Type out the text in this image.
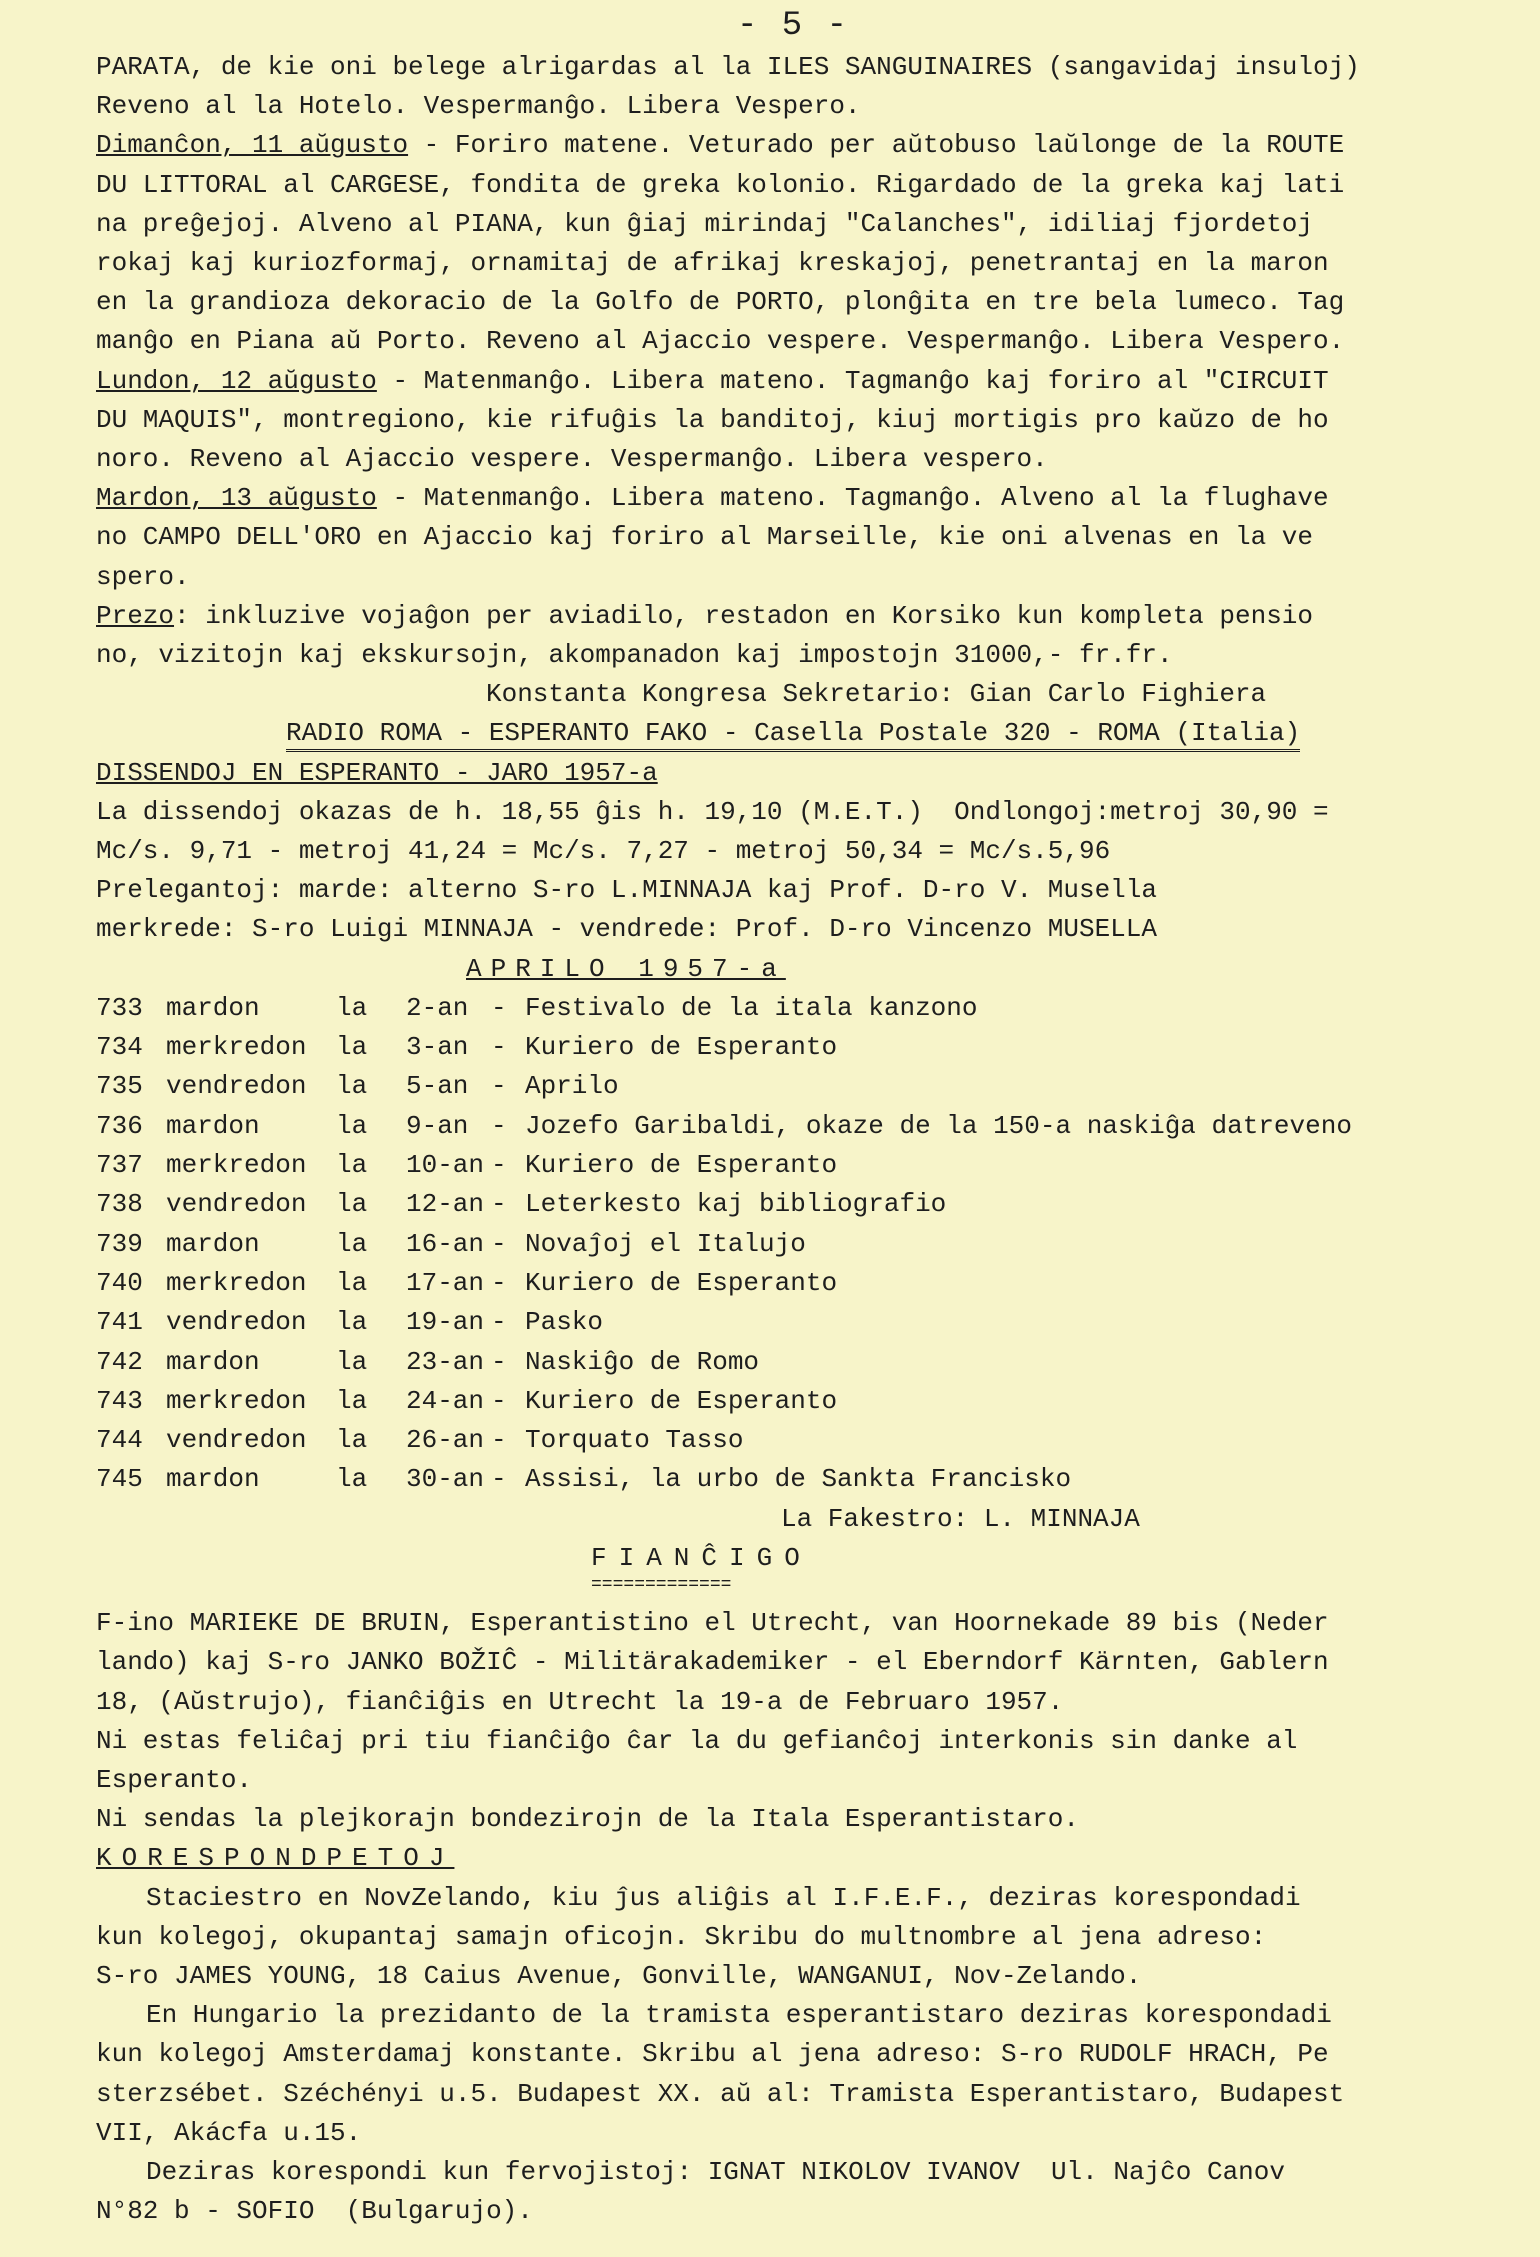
- 5 -

PARATA, de kie oni belege alrigardas al la ILES SANGUINAIRES (sangavidaj insuloj)

Reveno al la Hotelo. Vespermanĝo. Libera Vespero.

Dimanĉon, 11 aŭgusto - Foriro matene. Veturado per aŭtobuso laŭlonge de la ROUTE

DU LITTORAL al CARGESE, fondita de greka kolonio. Rigardado de la greka kaj lati

na preĝejoj. Alveno al PIANA, kun ĝiaj mirindaj "Calanches", idiliaj fjordetoj

rokaj kaj kuriozformaj, ornamitaj de afrikaj kreskajoj, penetrantaj en la maron

en la grandioza dekoracio de la Golfo de PORTO, plonĝita en tre bela lumeco. Tag

manĝo en Piana aŭ Porto. Reveno al Ajaccio vespere. Vespermanĝo. Libera Vespero.

Lundon, 12 aŭgusto - Matenmanĝo. Libera mateno. Tagmanĝo kaj foriro al "CIRCUIT

DU MAQUIS", montregiono, kie rifuĝis la banditoj, kiuj mortigis pro kaŭzo de ho

noro. Reveno al Ajaccio vespere. Vespermanĝo. Libera vespero.

Mardon, 13 aŭgusto - Matenmanĝo. Libera mateno. Tagmanĝo. Alveno al la flughave

no CAMPO DELL'ORO en Ajaccio kaj foriro al Marseille, kie oni alvenas en la ve

spero.

Prezo: inkluzive vojaĝon per aviadilo, restadon en Korsiko kun kompleta pensio

no, vizitojn kaj ekskursojn, akompanadon kaj impostojn 31000,- fr.fr.

Konstanta Kongresa Sekretario: Gian Carlo Fighiera

RADIO ROMA - ESPERANTO FAKO - Casella Postale 320 - ROMA (Italia)

DISSENDOJ EN ESPERANTO - JARO 1957-a

La dissendoj okazas de h. 18,55 ĝis h. 19,10 (M.E.T.)  Ondlongoj:metroj 30,90 =

Mc/s. 9,71 - metroj 41,24 = Mc/s. 7,27 - metroj 50,34 = Mc/s.5,96

Prelegantoj: marde: alterno S-ro L.MINNAJA kaj Prof. D-ro V. Musella

merkrede: S-ro Luigi MINNAJA - vendrede: Prof. D-ro Vincenzo MUSELLA

APRILO 1957-a

733 mardon	la	2-an - Festivalo de la itala kanzono
734 merkredon	la	3-an - Kuriero de Esperanto
735 vendredon	la	5-an - Aprilo
736 mardon	la	9-an - Jozefo Garibaldi, okaze de la 150-a naskiĝa datreveno
737 merkredon	la	10-an - Kuriero de Esperanto
738 vendredon	la	12-an - Leterkesto kaj bibliografio
739 mardon	la	16-an - Novaĵoj el Italujo
740 merkredon	la	17-an - Kuriero de Esperanto
741 vendredon	la	19-an - Pasko
742 mardon	la	23-an - Naskiĝo de Romo
743 merkredon	la	24-an - Kuriero de Esperanto
744 vendredon	la	26-an - Torquato Tasso
745 mardon	la	30-an - Assisi, la urbo de Sankta Francisko

La Fakestro: L. MINNAJA

FIANĈIGO

=============

F-ino MARIEKE DE BRUIN, Esperantistino el Utrecht, van Hoornekade 89 bis (Neder

lando) kaj S-ro JANKO BOŽIĈ - Militärakademiker - el Eberndorf Kärnten, Gablern

18, (Aŭstrujo), fianĉiĝis en Utrecht la 19-a de Februaro 1957.

Ni estas feliĉaj pri tiu fianĉiĝo ĉar la du gefianĉoj interkonis sin danke al

Esperanto.

Ni sendas la plejkorajn bondezirojn de la Itala Esperantistaro.

KORESPONDPETOJ

Staciestro en NovZelando, kiu ĵus aliĝis al I.F.E.F., deziras korespondadi

kun kolegoj, okupantaj samajn oficojn. Skribu do multnombre al jena adreso:

S-ro JAMES YOUNG, 18 Caius Avenue, Gonville, WANGANUI, Nov-Zelando.

En Hungario la prezidanto de la tramista esperantistaro deziras korespondadi

kun kolegoj Amsterdamaj konstante. Skribu al jena adreso: S-ro RUDOLF HRACH, Pe

sterzsébet. Széchényi u.5. Budapest XX. aŭ al: Tramista Esperantistaro, Budapest

VII, Akácfa u.15.

Deziras korespondi kun fervojistoj: IGNAT NIKOLOV IVANOV  Ul. Najĉo Canov

N°82 b - SOFIO  (Bulgarujo).
